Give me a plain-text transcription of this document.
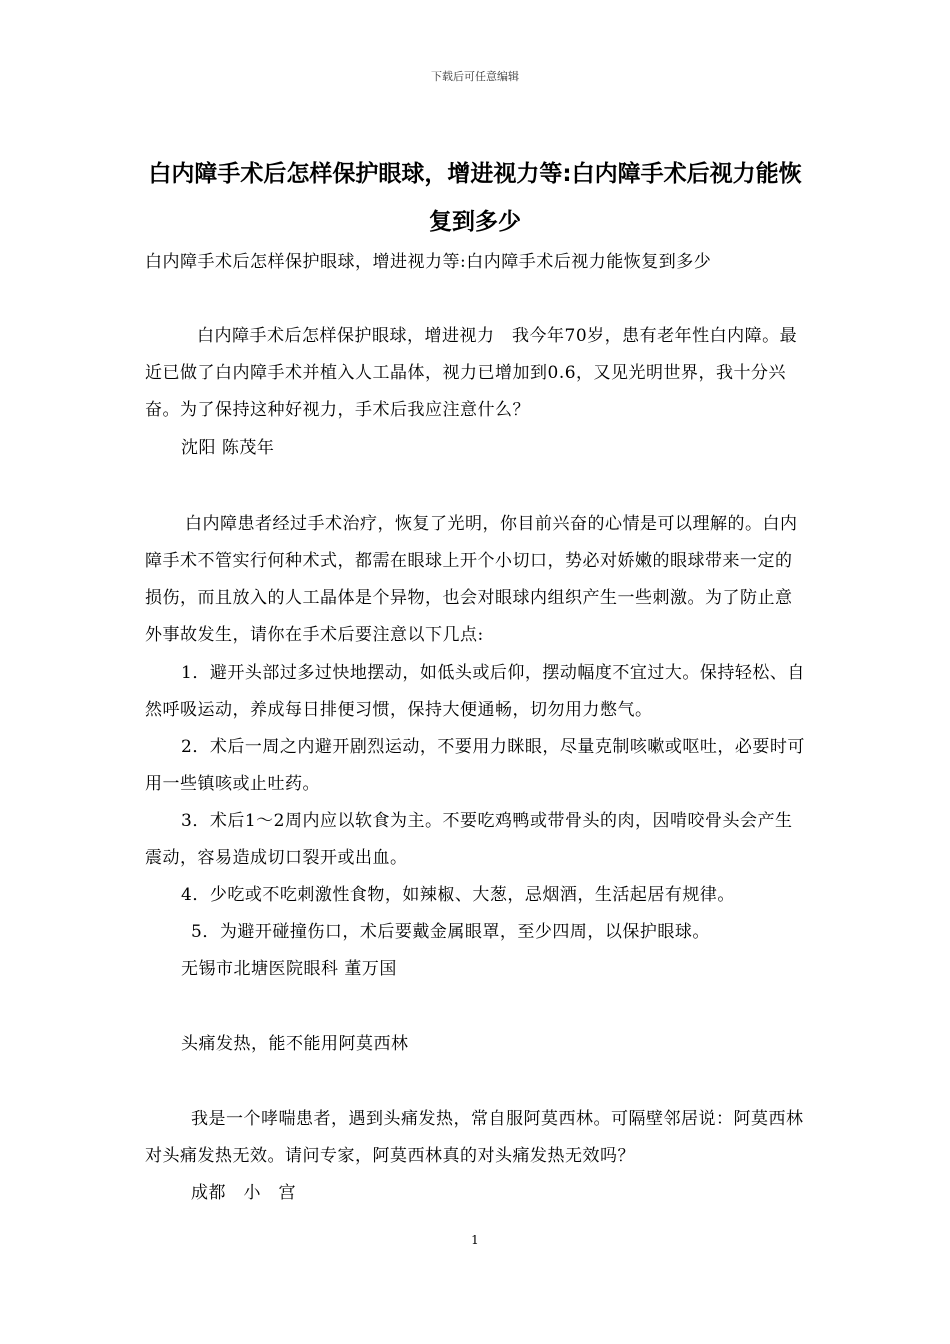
下载后可任意编辑
白内障手术后怎样保护眼球，增进视力等:白内障手术后视力能恢复到多少

白内障手术后怎样保护眼球，增进视力等:白内障手术后视力能恢复到多少

白内障手术后怎样保护眼球，增进视力　我今年70岁，患有老年性白内障。最近已做了白内障手术并植入人工晶体，视力已增加到0.6，又见光明世界，我十分兴奋。为了保持这种好视力，手术后我应注意什么？

沈阳 陈茂年

白内障患者经过手术治疗，恢复了光明，你目前兴奋的心情是可以理解的。白内障手术不管实行何种术式，都需在眼球上开个小切口，势必对娇嫩的眼球带来一定的损伤，而且放入的人工晶体是个异物，也会对眼球内组织产生一些刺激。为了防止意外事故发生，请你在手术后要注意以下几点:

1．避开头部过多过快地摆动，如低头或后仰，摆动幅度不宜过大。保持轻松、自然呼吸运动，养成每日排便习惯，保持大便通畅，切勿用力憋气。

2．术后一周之内避开剧烈运动，不要用力眯眼，尽量克制咳嗽或呕吐，必要时可用一些镇咳或止吐药。

3．术后1～2周内应以软食为主。不要吃鸡鸭或带骨头的肉，因啃咬骨头会产生震动，容易造成切口裂开或出血。

4．少吃或不吃刺激性食物，如辣椒、大葱，忌烟酒，生活起居有规律。

5．为避开碰撞伤口，术后要戴金属眼罩，至少四周，以保护眼球。

无锡市北塘医院眼科 董万国

头痛发热，能不能用阿莫西林

我是一个哮喘患者，遇到头痛发热，常自服阿莫西林。可隔壁邻居说：阿莫西林对头痛发热无效。请问专家，阿莫西林真的对头痛发热无效吗？

成都　小　宫

1
